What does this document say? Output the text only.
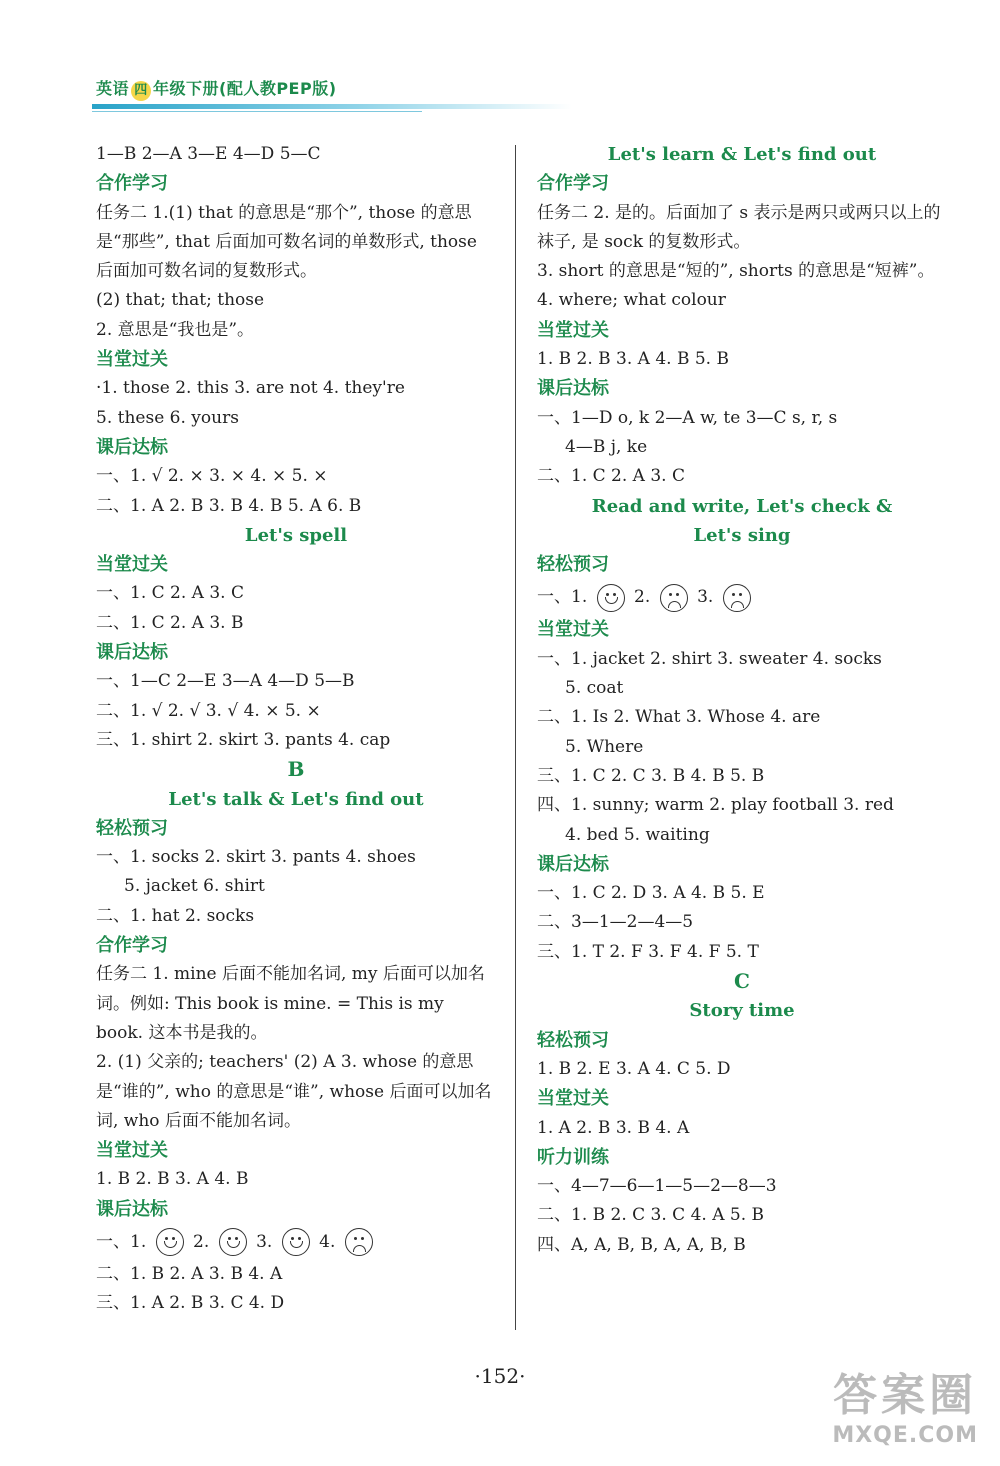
英语 四 年级下册(配人教PEP版)
1—B 2—A 3—E 4—D 5—C
合作学习
任务二 1.(1) that 的意思是“那个”, those 的意思是“那些”, that 后面加可数名词的单数形式, those 后面加可数名词的复数形式。
(2) that; that; those
2. 意思是“我也是”。
当堂过关
·1. those 2. this 3. are not 4. they're
5. these 6. yours
课后达标
一、1. √ 2. × 3. × 4. × 5. ×
二、1. A 2. B 3. B 4. B 5. A 6. B
Let's spell
当堂过关
一、1. C 2. A 3. C
二、1. C 2. A 3. B
课后达标
一、1—C 2—E 3—A 4—D 5—B
二、1. √ 2. √ 3. √ 4. × 5. ×
三、1. shirt 2. skirt 3. pants 4. cap
B
Let's talk & Let's find out
轻松预习
一、1. socks 2. skirt 3. pants 4. shoes
5. jacket 6. shirt
二、1. hat 2. socks
合作学习
任务二 1. mine 后面不能加名词, my 后面可以加名词。例如: This book is mine. = This is my book. 这本书是我的。
2. (1) 父亲的; teachers' (2) A 3. whose 的意思是“谁的”, who 的意思是“谁”, whose 后面可以加名词, who 后面不能加名词。
当堂过关
1. B 2. B 3. A 4. B
课后达标
一、1.	2.	3.	4.
二、1. B 2. A 3. B 4. A
三、1. A 2. B 3. C 4. D
Let's learn & Let's find out
合作学习
任务二 2. 是的。后面加了 s 表示是两只或两只以上的袜子, 是 sock 的复数形式。
3. short 的意思是“短的”, shorts 的意思是“短裤”。 4. where; what colour
当堂过关
1. B 2. B 3. A 4. B 5. B
课后达标
一、1—D o, k 2—A w, te 3—C s, r, s
4—B j, ke
二、1. C 2. A 3. C
Read and write, Let's check &
Let's sing
轻松预习
一、1.	2.	3.
当堂过关
一、1. jacket 2. shirt 3. sweater 4. socks
5. coat
二、1. Is 2. What 3. Whose 4. are
5. Where
三、1. C 2. C 3. B 4. B 5. B
四、1. sunny; warm 2. play football 3. red
4. bed 5. waiting
课后达标
一、1. C 2. D 3. A 4. B 5. E
二、3—1—2—4—5
三、1. T 2. F 3. F 4. F 5. T
C
Story time
轻松预习
1. B 2. E 3. A 4. C 5. D
当堂过关
1. A 2. B 3. B 4. A
听力训练
一、4—7—6—1—5—2—8—3
二、1. B 2. C 3. C 4. A 5. B
四、A, A, B, B, A, A, B, B
·152·	答案圈
MXQE.COM
